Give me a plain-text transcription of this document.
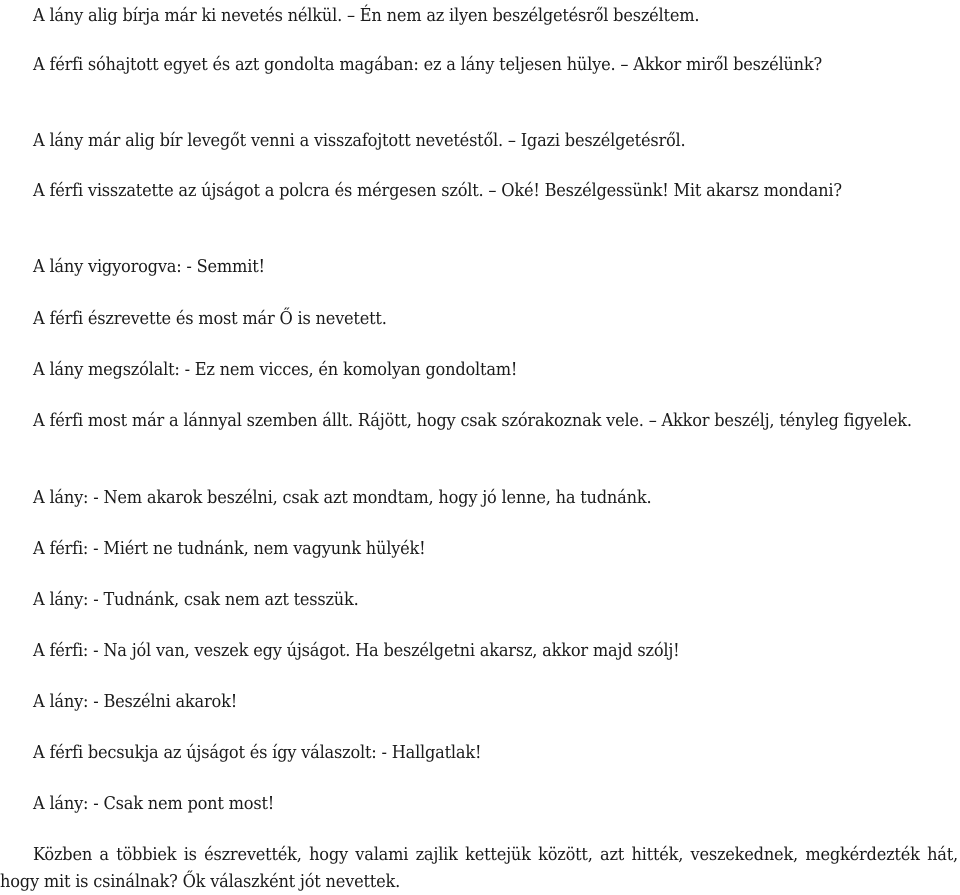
A lány alig bírja már ki nevetés nélkül. – Én nem az ilyen beszélgetésről beszéltem.

A férfi sóhajtott egyet és azt gondolta magában: ez a lány teljesen hülye. – Akkor miről beszélünk?

A lány már alig bír levegőt venni a visszafojtott nevetéstől. – Igazi beszélgetésről.

A férfi visszatette az újságot a polcra és mérgesen szólt. – Oké! Beszélgessünk! Mit akarsz mondani?

A lány vigyorogva: - Semmit!

A férfi észrevette és most már Ő is nevetett.

A lány megszólalt: - Ez nem vicces, én komolyan gondoltam!

A férfi most már a lánnyal szemben állt. Rájött, hogy csak szórakoznak vele. – Akkor beszélj, tényleg figyelek.

A lány: - Nem akarok beszélni, csak azt mondtam, hogy jó lenne, ha tudnánk.

A férfi: - Miért ne tudnánk, nem vagyunk hülyék!

A lány: - Tudnánk, csak nem azt tesszük.

A férfi: - Na jól van, veszek egy újságot. Ha beszélgetni akarsz, akkor majd szólj!

A lány: - Beszélni akarok!

A férfi becsukja az újságot és így válaszolt: - Hallgatlak!

A lány: - Csak nem pont most!

Közben a többiek is észrevették, hogy valami zajlik kettejük között, azt hitték, veszekednek, megkérdezték hát, hogy mit is csinálnak? Ők válaszként jót nevettek.
